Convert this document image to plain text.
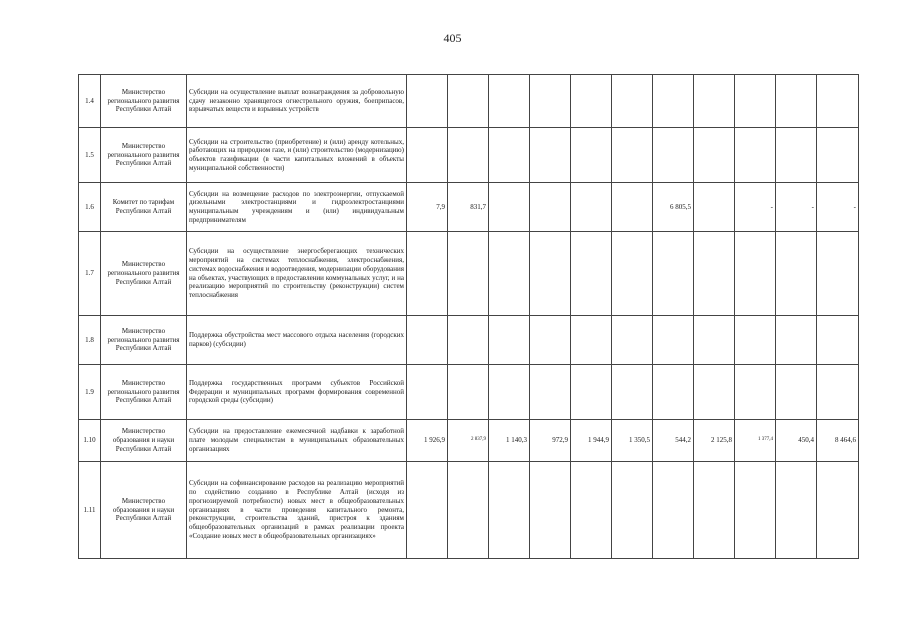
405
1.4	Министерство регионального развития Республики Алтай	Субсидии на осуществление выплат вознаграждения за добровольную сдачу незаконно хранящегося огнестрельного оружия, боеприпасов, взрывчатых веществ и взрывных устройств											
1.5	Министерство регионального развития Республики Алтай	Субсидии на строительство (приобретение) и (или) аренду котельных, работающих на природном газе, и (или) строительство (модернизацию) объектов газификации (в части капитальных вложений в объекты муниципальной собственности)											
1.6	Комитет по тарифам Республики Алтай	Субсидии на возмещение расходов по электроэнергии, отпускаемой дизельными электростанциями и гидроэлектростанциями муниципальным учреждениям и (или) индивидуальным предпринимателям	7,9	831,7					6 805,5		-	-	-
1.7	Министерство регионального развития Республики Алтай	Субсидии на осуществление энергосберегающих технических мероприятий на системах теплоснабжения, электроснабжения, системах водоснабжения и водоотведения, модернизации оборудования на объектах, участвующих в предоставлении коммунальных услуг, и на реализацию мероприятий по строительству (реконструкции) систем теплоснабжения											
1.8	Министерство регионального развития Республики Алтай	Поддержка обустройства мест массового отдыха населения (городских парков) (субсидии)											
1.9	Министерство регионального развития Республики Алтай	Поддержка государственных программ субъектов Российской Федерации и муниципальных программ формирования современной городской среды (субсидии)											
1.10	Министерство образования и науки Республики Алтай	Субсидии на предоставление ежемесячной надбавки к заработной плате молодым специалистам в муниципальных образовательных организациях	1 926,9	2 837,9	1 140,3	972,9	1 944,9	1 350,5	544,2	2 125,8	1 377,4	450,4	8 464,6
1.11	Министерство образования и науки Республики Алтай	Субсидии на софинансирование расходов на реализацию мероприятий по содействию созданию в Республике Алтай (исходя из прогнозируемой потребности) новых мест в общеобразовательных организациях в части проведения капитального ремонта, реконструкции, строительства зданий, пристроя к зданиям общеобразовательных организаций в рамках реализации проекта «Создание новых мест в общеобразовательных организациях»											
